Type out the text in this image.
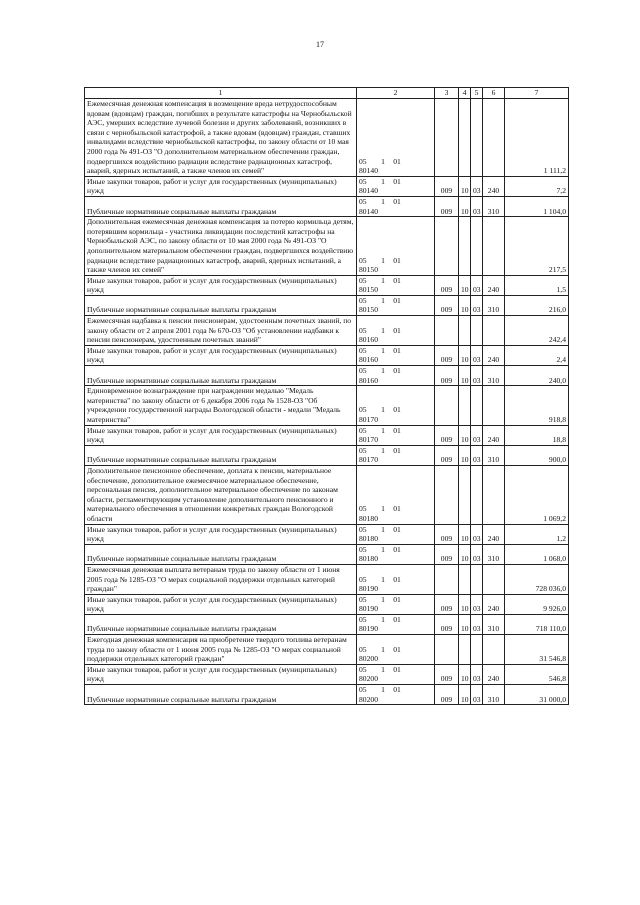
17
1	2	3	4	5	6	7
Ежемесячная денежная компенсация в возмещение вреда нетрудоспособным вдовам (вдовцам) граждан, погибших в результате катастрофы на Чернобыльской АЭС, умерших вследствие лучевой болезни и других заболеваний, возникших в связи с чернобыльской катастрофой, а также вдовам (вдовцам) граждан, ставших инвалидами вследствие чернобыльской катастрофы, по закону области от 10 мая 2000 года № 491-ОЗ "О дополнительном материальном обеспечении граждан, подвергшихся воздействию радиации вследствие радиационных катастроф, аварий, ядерных испытаний, а также членов их семей"	05 1 0180140					1 111,2
Иные закупки товаров, работ и услуг для государственных (муниципальных) нужд	05 1 0180140	009	10	03	240	7,2
Публичные нормативные социальные выплаты гражданам	05 1 0180140	009	10	03	310	1 104,0
Дополнительная ежемесячная денежная компенсация за потерю кормильца детям, потерявшим кормильца - участника ликвидации последствий катастрофы на Чернобыльской АЭС, по закону области от 10 мая 2000 года № 491-ОЗ "О дополнительном материальном обеспечении граждан, подвергшихся воздействию радиации вследствие радиационных катастроф, аварий, ядерных испытаний, а также членов их семей"	05 1 0180150					217,5
Иные закупки товаров, работ и услуг для государственных (муниципальных) нужд	05 1 0180150	009	10	03	240	1,5
Публичные нормативные социальные выплаты гражданам	05 1 0180150	009	10	03	310	216,0
Ежемесячная надбавка к пенсии пенсионерам, удостоенным почетных званий, по закону области от 2 апреля 2001 года № 670-ОЗ "Об установлении надбавки к пенсии пенсионерам, удостоенным почетных званий"	05 1 0180160					242,4
Иные закупки товаров, работ и услуг для государственных (муниципальных) нужд	05 1 0180160	009	10	03	240	2,4
Публичные нормативные социальные выплаты гражданам	05 1 0180160	009	10	03	310	240,0
Единовременное вознаграждение при награждении медалью "Медаль материнства" по закону области от 6 декабря 2006 года № 1528-ОЗ "Об учреждении государственной награды Вологодской области - медали "Медаль материнства"	05 1 0180170					918,8
Иные закупки товаров, работ и услуг для государственных (муниципальных) нужд	05 1 0180170	009	10	03	240	18,8
Публичные нормативные социальные выплаты гражданам	05 1 0180170	009	10	03	310	900,0
Дополнительное пенсионное обеспечение, доплата к пенсии, материальное обеспечение, дополнительное ежемесячное материальное обеспечение, персональная пенсия, дополнительное материальное обеспечение по законам области, регламентирующим установление дополнительного пенсионного и материального обеспечения в отношении конкретных граждан Вологодской области	05 1 0180180					1 069,2
Иные закупки товаров, работ и услуг для государственных (муниципальных) нужд	05 1 0180180	009	10	03	240	1,2
Публичные нормативные социальные выплаты гражданам	05 1 0180180	009	10	03	310	1 068,0
Ежемесячная денежная выплата ветеранам труда по закону области от 1 июня 2005 года № 1285-ОЗ "О мерах социальной поддержки отдельных категорий граждан"	05 1 0180190					728 036,0
Иные закупки товаров, работ и услуг для государственных (муниципальных) нужд	05 1 0180190	009	10	03	240	9 926,0
Публичные нормативные социальные выплаты гражданам	05 1 0180190	009	10	03	310	718 110,0
Ежегодная денежная компенсация на приобретение твердого топлива ветеранам труда по закону области от 1 июня 2005 года № 1285-ОЗ "О мерах социальной поддержки отдельных категорий граждан"	05 1 0180200					31 546,8
Иные закупки товаров, работ и услуг для государственных (муниципальных) нужд	05 1 0180200	009	10	03	240	546,8
Публичные нормативные социальные выплаты гражданам	05 1 0180200	009	10	03	310	31 000,0
